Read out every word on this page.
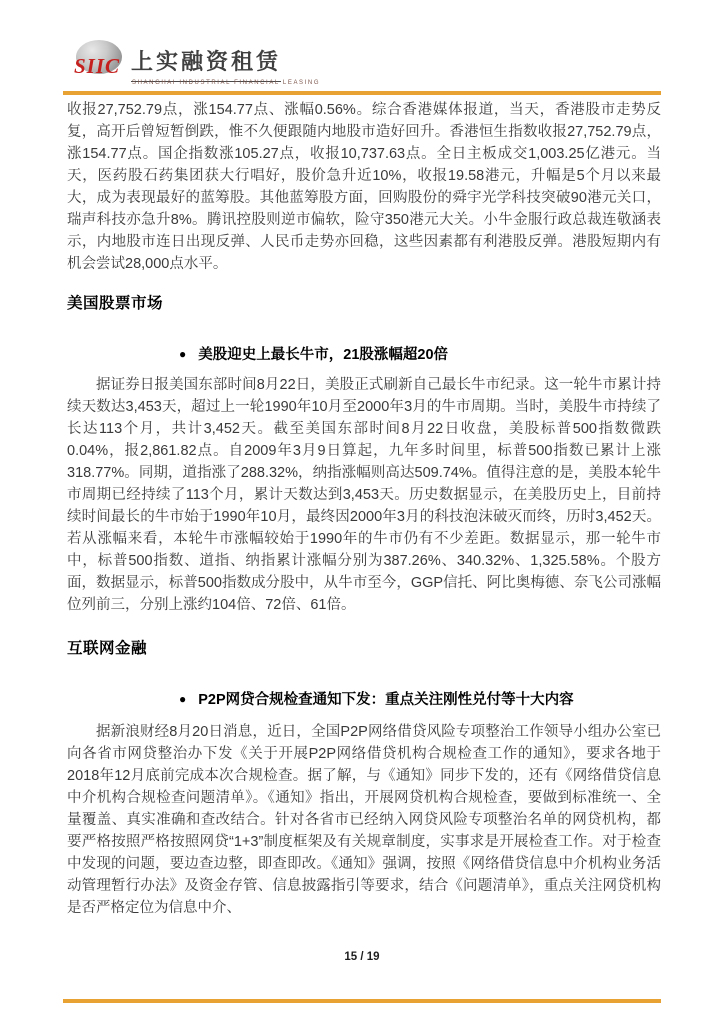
SIIC 上实融资租赁
SHANGHAI INDUSTRIAL FINANCIAL LEASING

收报27,752.79点，涨154.77点、涨幅0.56%。综合香港媒体报道，当天，香港股市走势反复，高开后曾短暂倒跌，惟不久便跟随内地股市造好回升。香港恒生指数收报27,752.79点，涨154.77点。国企指数涨105.27点，收报10,737.63点。全日主板成交1,003.25亿港元。当天，医药股石药集团获大行唱好，股价急升近10%，收报19.58港元，升幅是5个月以来最大，成为表现最好的蓝筹股。其他蓝筹股方面，回购股份的舜宇光学科技突破90港元关口，瑞声科技亦急升8%。腾讯控股则逆市偏软，险守350港元大关。小牛金服行政总裁连敬涵表示，内地股市连日出现反弹、人民币走势亦回稳，这些因素都有利港股反弹。港股短期内有机会尝试28,000点水平。

美国股票市场
● 美股迎史上最长牛市，21股涨幅超20倍

据证券日报美国东部时间8月22日，美股正式刷新自己最长牛市纪录。这一轮牛市累计持续天数达3,453天，超过上一轮1990年10月至2000年3月的牛市周期。当时，美股牛市持续了长达113个月，共计3,452天。截至美国东部时间8月22日收盘，美股标普500指数微跌0.04%，报2,861.82点。自2009年3月9日算起，九年多时间里，标普500指数已累计上涨318.77%。同期，道指涨了288.32%，纳指涨幅则高达509.74%。值得注意的是，美股本轮牛市周期已经持续了113个月，累计天数达到3,453天。历史数据显示，在美股历史上，目前持续时间最长的牛市始于1990年10月，最终因2000年3月的科技泡沫破灭而终，历时3,452天。若从涨幅来看，本轮牛市涨幅较始于1990年的牛市仍有不少差距。数据显示，那一轮牛市中，标普500指数、道指、纳指累计涨幅分别为387.26%、340.32%、1,325.58%。个股方面，数据显示，标普500指数成分股中，从牛市至今，GGP信托、阿比奥梅德、奈飞公司涨幅位列前三，分别上涨约104倍、72倍、61倍。

互联网金融
● P2P网贷合规检查通知下发：重点关注刚性兑付等十大内容

据新浪财经8月20日消息，近日，全国P2P网络借贷风险专项整治工作领导小组办公室已向各省市网贷整治办下发《关于开展P2P网络借贷机构合规检查工作的通知》，要求各地于2018年12月底前完成本次合规检查。据了解，与《通知》同步下发的，还有《网络借贷信息中介机构合规检查问题清单》。《通知》指出，开展网贷机构合规检查，要做到标准统一、全量覆盖、真实准确和查改结合。针对各省市已经纳入网贷风险专项整治名单的网贷机构，都要严格按照严格按照网贷“1+3”制度框架及有关规章制度，实事求是开展检查工作。对于检查中发现的问题，要边查边整，即查即改。《通知》强调，按照《网络借贷信息中介机构业务活动管理暂行办法》及资金存管、信息披露指引等要求，结合《问题清单》，重点关注网贷机构是否严格定位为信息中介、

15 / 19
